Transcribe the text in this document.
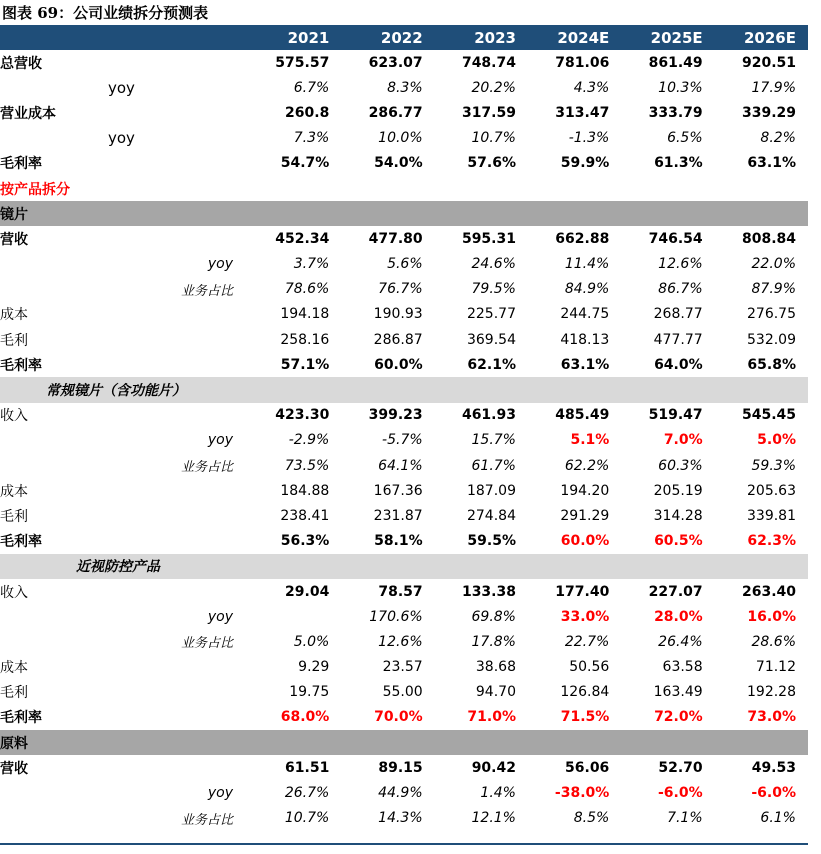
图表 69：公司业绩拆分预测表
	2021	2022	2023	2024E	2025E	2026E
总营收	575.57	623.07	748.74	781.06	861.49	920.51
yoy	6.7%	8.3%	20.2%	4.3%	10.3%	17.9%
营业成本	260.8	286.77	317.59	313.47	333.79	339.29
yoy	7.3%	10.0%	10.7%	-1.3%	6.5%	8.2%
毛利率	54.7%	54.0%	57.6%	59.9%	61.3%	63.1%
按产品拆分						
镜片						
营收	452.34	477.80	595.31	662.88	746.54	808.84
yoy	3.7%	5.6%	24.6%	11.4%	12.6%	22.0%
业务占比	78.6%	76.7%	79.5%	84.9%	86.7%	87.9%
成本	194.18	190.93	225.77	244.75	268.77	276.75
毛利	258.16	286.87	369.54	418.13	477.77	532.09
毛利率	57.1%	60.0%	62.1%	63.1%	64.0%	65.8%
常规镜片（含功能片）						
收入	423.30	399.23	461.93	485.49	519.47	545.45
yoy	-2.9%	-5.7%	15.7%	5.1%	7.0%	5.0%
业务占比	73.5%	64.1%	61.7%	62.2%	60.3%	59.3%
成本	184.88	167.36	187.09	194.20	205.19	205.63
毛利	238.41	231.87	274.84	291.29	314.28	339.81
毛利率	56.3%	58.1%	59.5%	60.0%	60.5%	62.3%
近视防控产品						
收入	29.04	78.57	133.38	177.40	227.07	263.40
yoy		170.6%	69.8%	33.0%	28.0%	16.0%
业务占比	5.0%	12.6%	17.8%	22.7%	26.4%	28.6%
成本	9.29	23.57	38.68	50.56	63.58	71.12
毛利	19.75	55.00	94.70	126.84	163.49	192.28
毛利率	68.0%	70.0%	71.0%	71.5%	72.0%	73.0%
原料						
营收	61.51	89.15	90.42	56.06	52.70	49.53
yoy	26.7%	44.9%	1.4%	-38.0%	-6.0%	-6.0%
业务占比	10.7%	14.3%	12.1%	8.5%	7.1%	6.1%
